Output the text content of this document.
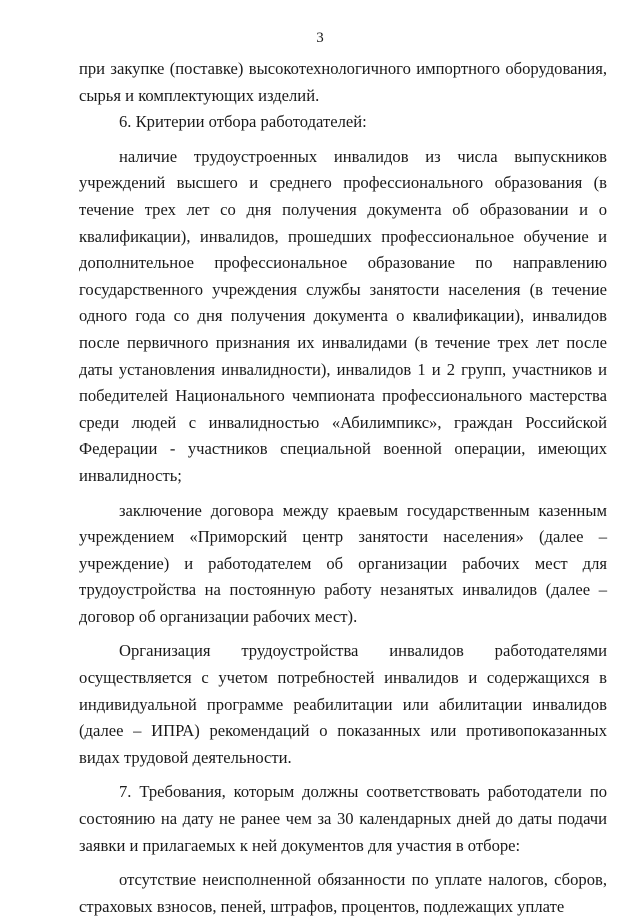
3

при закупке (поставке) высокотехнологичного импортного оборудования, сырья и комплектующих изделий.

6. Критерии отбора работодателей:

наличие трудоустроенных инвалидов из числа выпускников учреждений высшего и среднего профессионального образования (в течение трех лет со дня получения документа об образовании и о квалификации), инвалидов, прошедших профессиональное обучение и дополнительное профессиональное образование по направлению государственного учреждения службы занятости населения (в течение одного года со дня получения документа о квалификации), инвалидов после первичного признания их инвалидами (в течение трех лет после даты установления инвалидности), инвалидов 1 и 2 групп, участников и победителей Национального чемпионата профессионального мастерства среди людей с инвалидностью «Абилимпикс», граждан Российской Федерации - участников специальной военной операции, имеющих инвалидность;

заключение договора между краевым государственным казенным учреждением «Приморский центр занятости населения» (далее – учреждение) и работодателем об организации рабочих мест для трудоустройства на постоянную работу незанятых инвалидов (далее – договор об организации рабочих мест).

Организация трудоустройства инвалидов работодателями осуществляется с учетом потребностей инвалидов и содержащихся в индивидуальной программе реабилитации или абилитации инвалидов (далее – ИПРА) рекомендаций о показанных или противопоказанных видах трудовой деятельности.

7. Требования, которым должны соответствовать работодатели по состоянию на дату не ранее чем за 30 календарных дней до даты подачи заявки и прилагаемых к ней документов для участия в отборе:

отсутствие неисполненной обязанности по уплате налогов, сборов, страховых взносов, пеней, штрафов, процентов, подлежащих уплате
